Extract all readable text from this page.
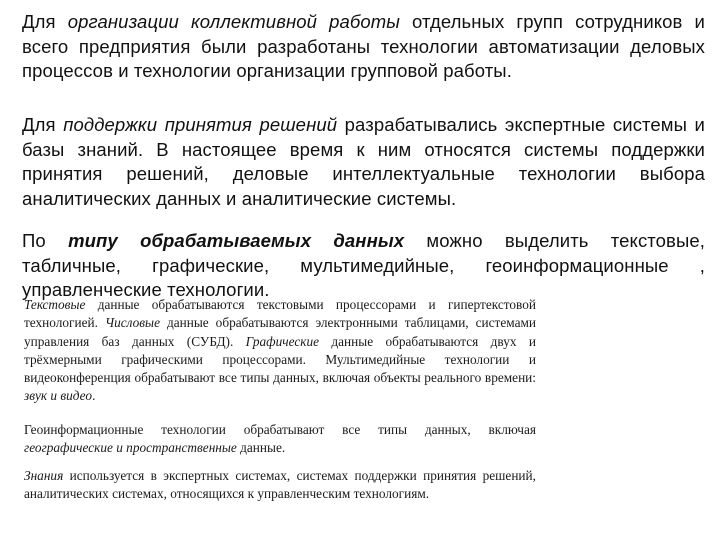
Для организации коллективной работы отдельных групп сотрудников и всего предприятия были разработаны технологии автоматизации деловых процессов и технологии организации групповой работы.

Для поддержки принятия решений разрабатывались экспертные системы и базы знаний. В настоящее время к ним относятся системы поддержки принятия решений, деловые интеллектуальные технологии выбора аналитических данных и аналитические системы.

По типу обрабатываемых данных можно выделить текстовые, табличные, графические, мультимедийные, геоинформационные , управленческие технологии.

Текстовые данные обрабатываются текстовыми процессорами и гипертекстовой технологией. Числовые данные обрабатываются электронными таблицами, системами управления баз данных (СУБД). Графические данные обрабатываются двух и трёхмерными графическими процессорами. Мультимедийные технологии и видеоконференция обрабатывают все типы данных, включая объекты реального времени: звук и видео.

Геоинформационные технологии обрабатывают все типы данных, включая географические и пространственные данные.

Знания используется в экспертных системах, системах поддержки принятия решений, аналитических системах, относящихся к управленческим технологиям.
